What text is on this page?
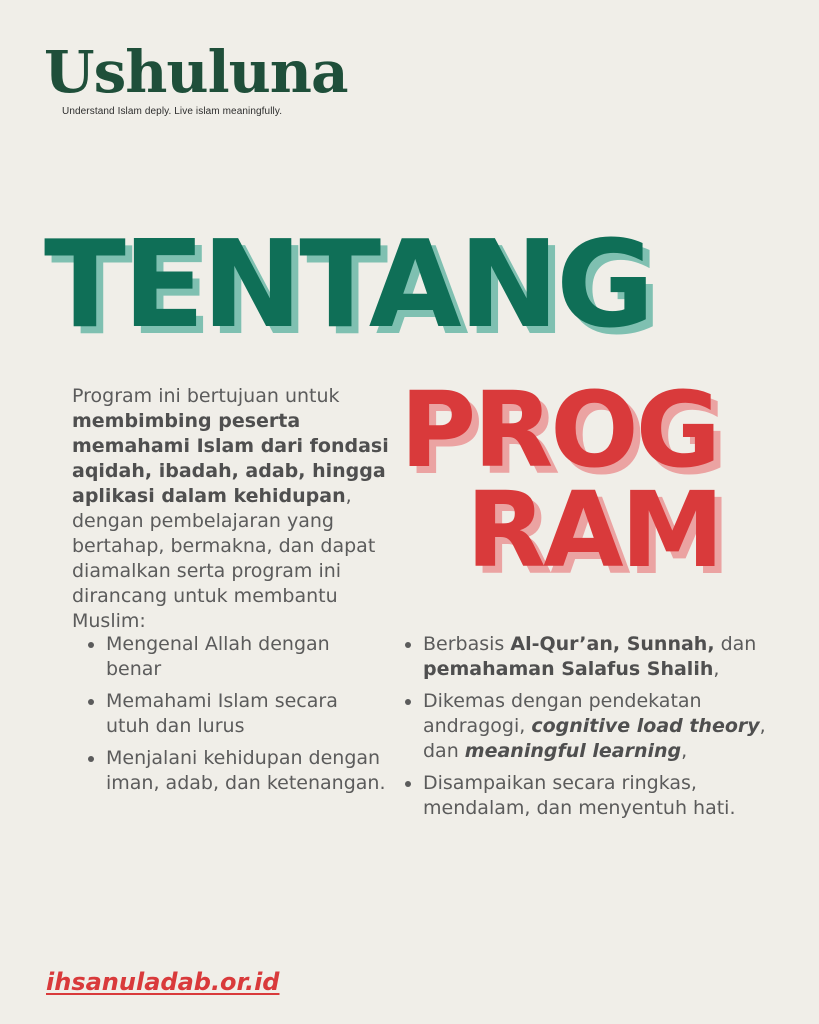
Ushuluna
Understand Islam deply. Live islam meaningfully.
TENTANG
PROG
RAM
Program ini bertujuan untuk membimbing peserta memahami Islam dari fondasi aqidah, ibadah, adab, hingga aplikasi dalam kehidupan, dengan pembelajaran yang bertahap, bermakna, dan dapat diamalkan serta program ini dirancang untuk membantu Muslim:
Mengenal Allah dengan benar
Memahami Islam secara utuh dan lurus
Menjalani kehidupan dengan iman, adab, dan ketenangan.
Berbasis Al-Qur’an, Sunnah, dan pemahaman Salafus Shalih,
Dikemas dengan pendekatan andragogi, cognitive load theory, dan meaningful learning,
Disampaikan secara ringkas, mendalam, dan menyentuh hati.
ihsanuladab.or.id
